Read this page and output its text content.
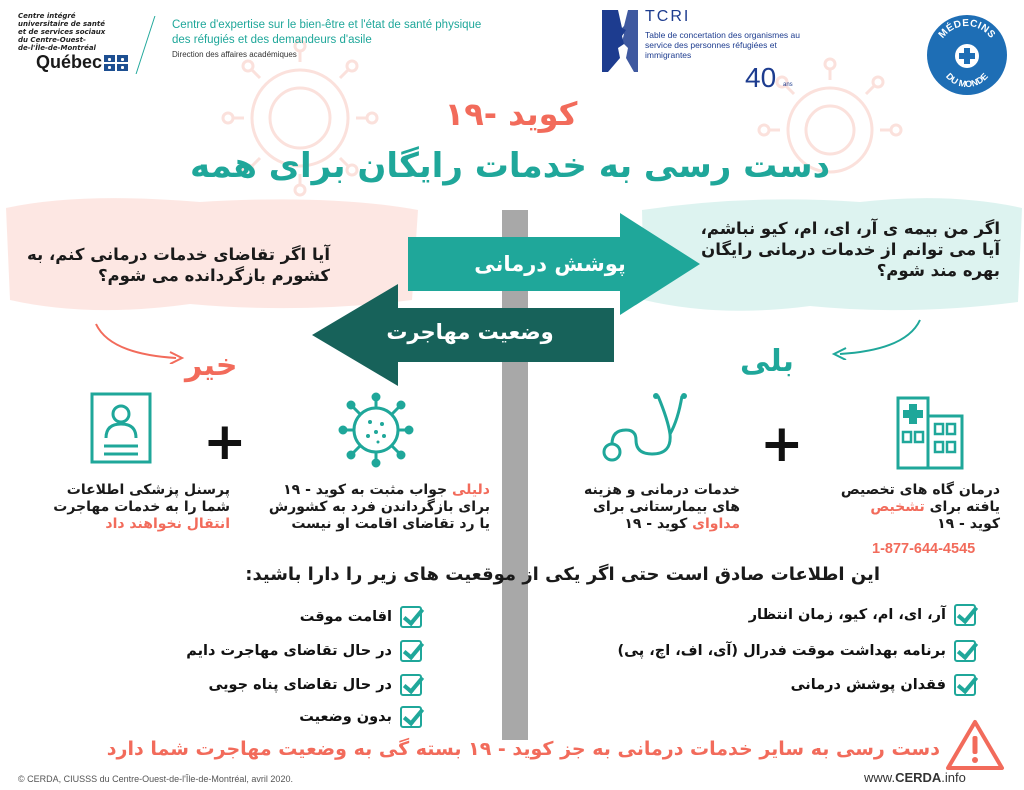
Centre intégré
universitaire de santé
et de services sociaux
du Centre-Ouest-
de-l'Île-de-Montréal
Québec
Centre d'expertise sur le bien-être et l'état de santé physique des réfugiés et des demandeurs d'asile
Direction des affaires académiques
TCRI
Table de concertation des organismes au service des personnes réfugiées et immigrantes
40 ans
MÉDECINS
DU MONDE
کوید -۱۹
دست رسی به خدمات رایگان برای همه
آیا اگر تقاضای خدمات درمانی کنم، به کشورم بازگردانده می شوم؟
اگر من بیمه ی آر، ای، ام، کیو نباشم، آیا می توانم از خدمات درمانی رایگان بهره مند شوم؟
خیر	بلی
پوشش درمانی
وضعیت مهاجرت
+	+
پرسنل پزشکی اطلاعات
شما را به خدمات مهاجرت
انتقال نخواهند داد
دلیلی جواب مثبت به کوید - ۱۹
برای بازگرداندن فرد به کشورش
یا رد تقاضای اقامت او نیست
خدمات درمانی و هزینه
های بیمارستانی برای
مداوای کوید - ۱۹
درمان گاه های تخصیص
یافته برای تشخیص
کوید - ۱۹
1-877-644-4545
این اطلاعات صادق است حتی اگر یکی از موقعیت های زیر را دارا باشید:
آر، ای، ام، کیو، زمان انتظار
برنامه بهداشت موقت فدرال (آی، اف، اچ، پی)
فقدان پوشش درمانی
اقامت موقت
در حال تقاضای مهاجرت دایم
در حال تقاضای پناه جویی
بدون وضعیت
دست رسی به سایر خدمات درمانی به جز کوید - ۱۹ بسته گی به وضعیت مهاجرت شما دارد
© CERDA, CIUSSS du Centre-Ouest-de-l'Île-de-Montréal, avril 2020.	www.CERDA.info
